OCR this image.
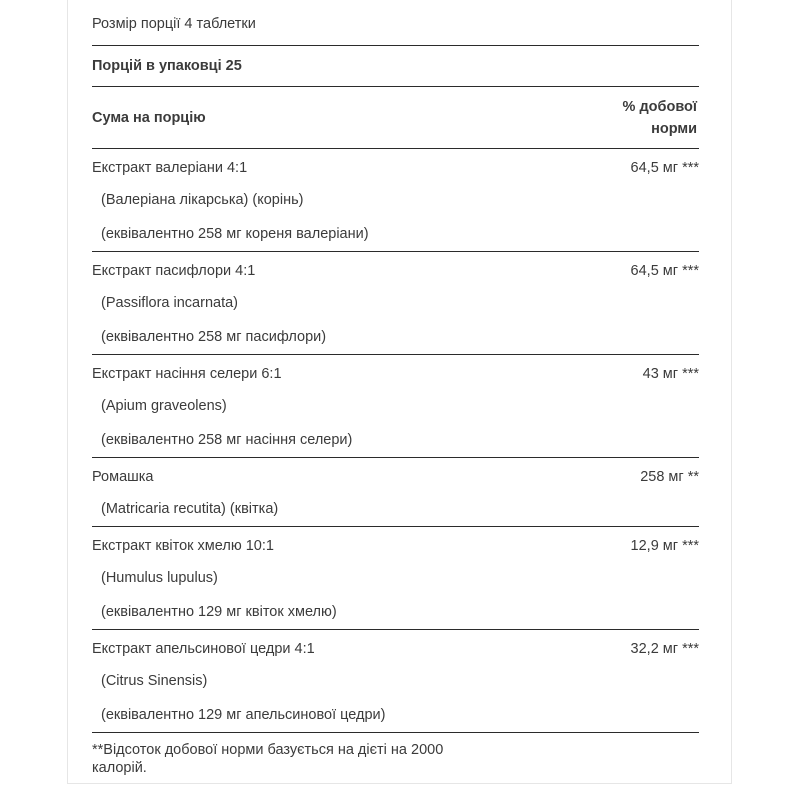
Розмір порції 4 таблетки
Порцій в упаковці 25
Сума на порцію
% добової
норми
Екстракт валеріани 4:1	64,5 мг ***
(Валеріана лікарська) (корінь)
(еквівалентно 258 мг кореня валеріани)
Екстракт пасифлори 4:1	64,5 мг ***
(Passiflora incarnata)
(еквівалентно 258 мг пасифлори)
Екстракт насіння селери 6:1	43 мг ***
(Apium graveolens)
(еквівалентно 258 мг насіння селери)
Ромашка	258 мг **
(Matricaria recutita) (квітка)
Екстракт квіток хмелю 10:1	12,9 мг ***
(Humulus lupulus)
(еквівалентно 129 мг квіток хмелю)
Екстракт апельсинової цедри 4:1	32,2 мг ***
(Citrus Sinensis)
(еквівалентно 129 мг апельсинової цедри)
**Відсоток добової норми базується на дієті на 2000 калорій.
